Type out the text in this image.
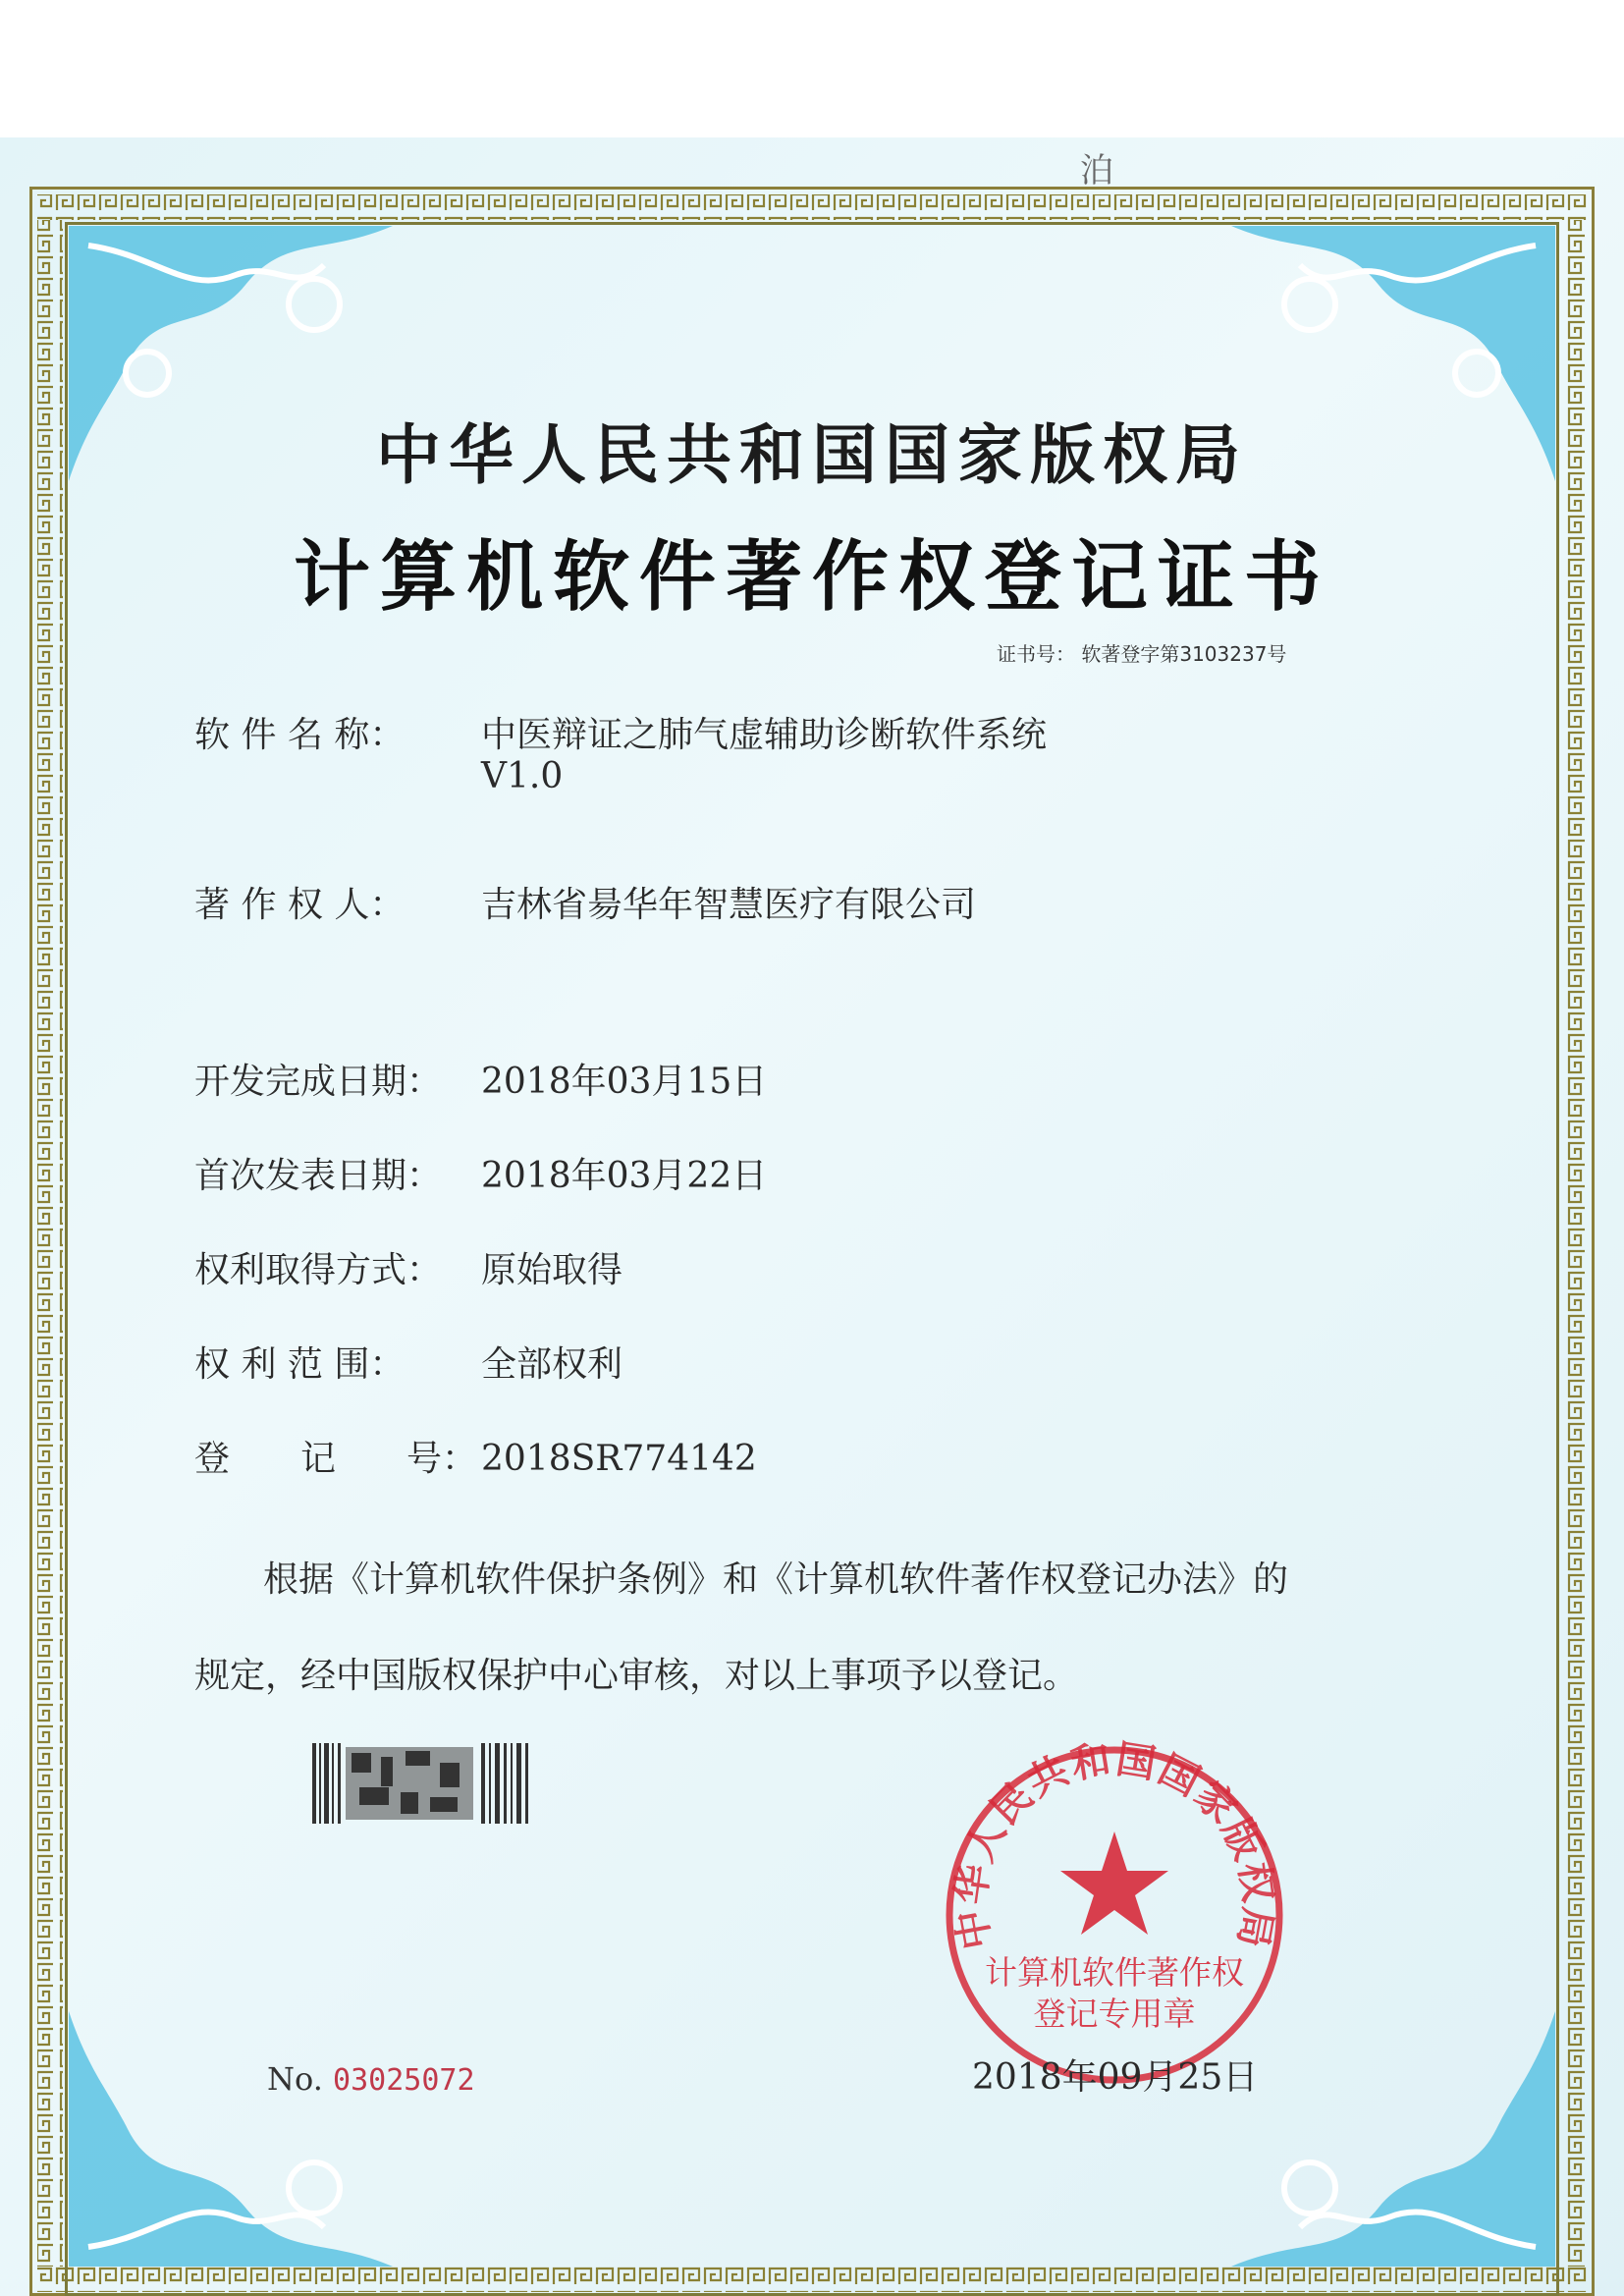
泊
中华人民共和国国家版权局
计算机软件著作权登记证书
证书号： 软著登字第3103237号
软 件 名 称： 中医辩证之肺气虚辅助诊断软件系统
V1.0
著 作 权 人： 吉林省昜华年智慧医疗有限公司
开发完成日期： 2018年03月15日
首次发表日期： 2018年03月22日
权利取得方式： 原始取得
权 利 范 围： 全部权利
登　　记　　号： 2018SR774142
根据《计算机软件保护条例》和《计算机软件著作权登记办法》的
规定，经中国版权保护中心审核，对以上事项予以登记。
中华人民共和国国家版权局
计算机软件著作权
登记专用章
No. 03025072	2018年09月25日
